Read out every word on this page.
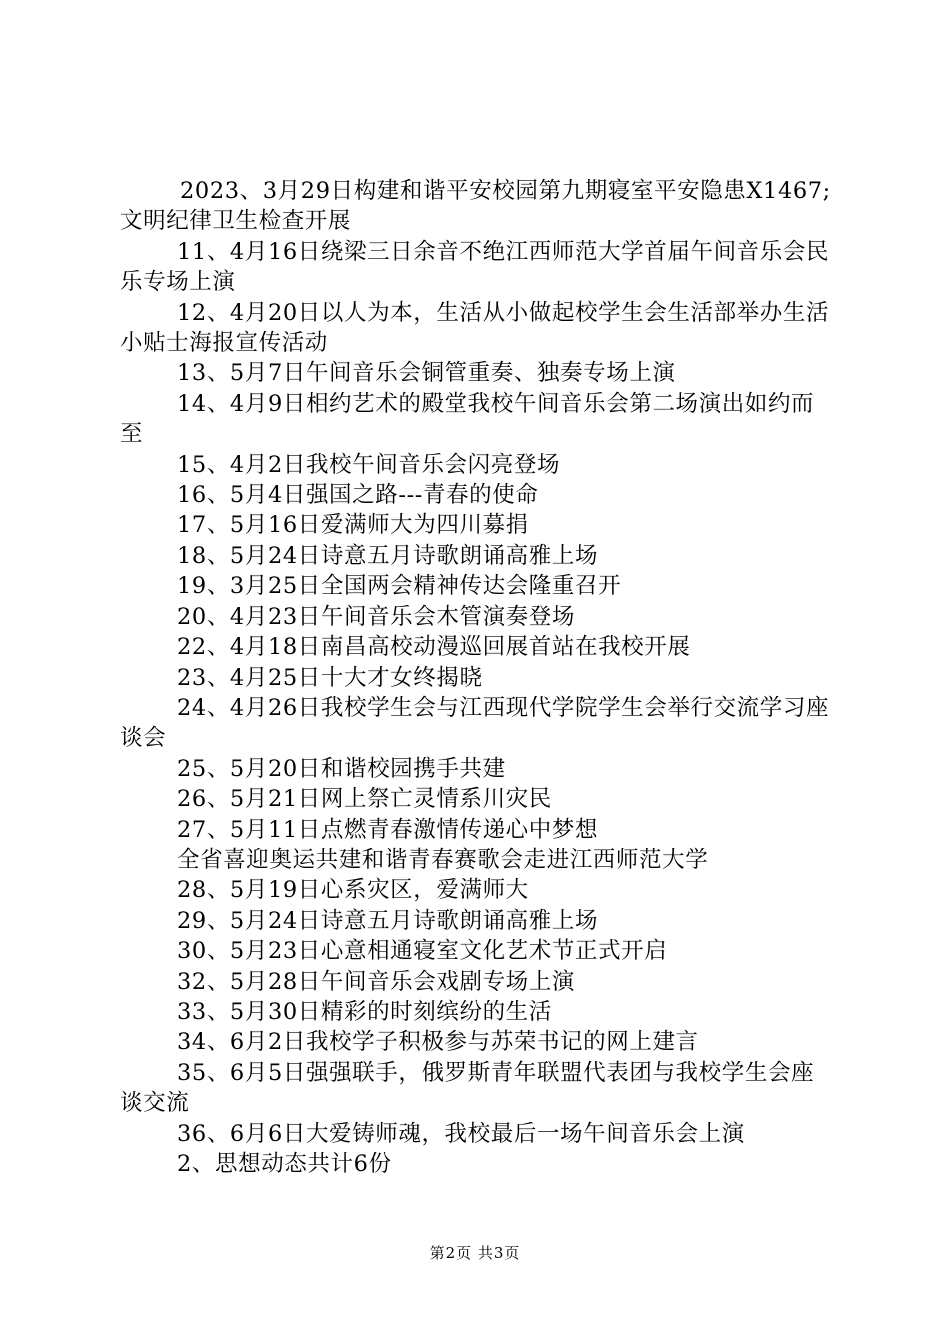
2023、3月29日构建和谐平安校园第九期寝室平安隐患X1467;文明纪律卫生检查开展

11、4月16日绕梁三日余音不绝江西师范大学首届午间音乐会民乐专场上演

12、4月20日以人为本，生活从小做起校学生会生活部举办生活小贴士海报宣传活动

13、5月7日午间音乐会铜管重奏、独奏专场上演

14、4月9日相约艺术的殿堂我校午间音乐会第二场演出如约而至

15、4月2日我校午间音乐会闪亮登场

16、5月4日强国之路---青春的使命

17、5月16日爱满师大为四川募捐

18、5月24日诗意五月诗歌朗诵高雅上场

19、3月25日全国两会精神传达会隆重召开

20、4月23日午间音乐会木管演奏登场

22、4月18日南昌高校动漫巡回展首站在我校开展

23、4月25日十大才女终揭晓

24、4月26日我校学生会与江西现代学院学生会举行交流学习座谈会

25、5月20日和谐校园携手共建

26、5月21日网上祭亡灵情系川灾民

27、5月11日点燃青春激情传递心中梦想

全省喜迎奥运共建和谐青春赛歌会走进江西师范大学

28、5月19日心系灾区，爱满师大

29、5月24日诗意五月诗歌朗诵高雅上场

30、5月23日心意相通寝室文化艺术节正式开启

32、5月28日午间音乐会戏剧专场上演

33、5月30日精彩的时刻缤纷的生活

34、6月2日我校学子积极参与苏荣书记的网上建言

35、6月5日强强联手，俄罗斯青年联盟代表团与我校学生会座谈交流

36、6月6日大爱铸师魂，我校最后一场午间音乐会上演

2、思想动态共计6份

第2页 共3页
